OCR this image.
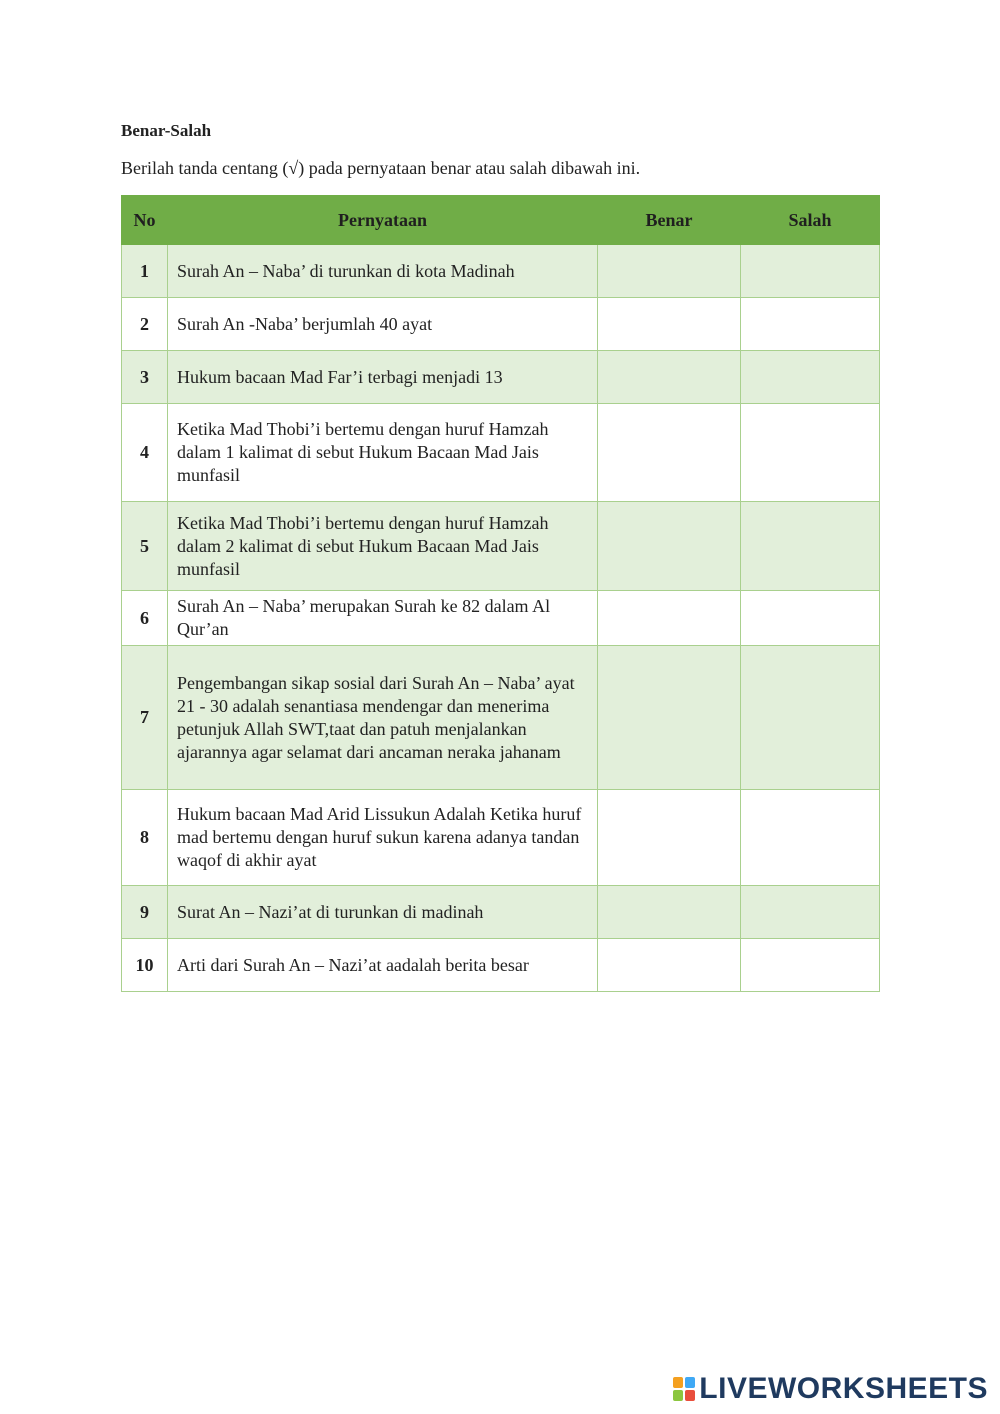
Benar-Salah

Berilah tanda centang (√) pada pernyataan benar atau salah dibawah ini.

No	Pernyataan	Benar	Salah
1	Surah An – Naba’ di turunkan di kota Madinah		
2	Surah An -Naba’ berjumlah 40 ayat		
3	Hukum bacaan Mad Far’i terbagi menjadi 13		
4	Ketika Mad Thobi’i bertemu dengan huruf Hamzah dalam 1 kalimat di sebut Hukum Bacaan Mad Jais munfasil		
5	Ketika Mad Thobi’i bertemu dengan huruf Hamzah dalam 2 kalimat di sebut Hukum Bacaan Mad Jais munfasil		
6	Surah An – Naba’ merupakan Surah ke 82 dalam Al Qur’an		
7	Pengembangan sikap sosial dari Surah An – Naba’ ayat 21 - 30 adalah senantiasa mendengar dan menerima petunjuk Allah SWT,taat dan patuh menjalankan ajarannya agar selamat dari ancaman neraka jahanam		
8	Hukum bacaan Mad Arid Lissukun Adalah Ketika huruf mad bertemu dengan huruf sukun karena adanya tandan waqof di akhir ayat		
9	Surat An – Nazi’at di turunkan di madinah		
10	Arti dari Surah An – Nazi’at aadalah berita besar		
LIVEWORKSHEETS
